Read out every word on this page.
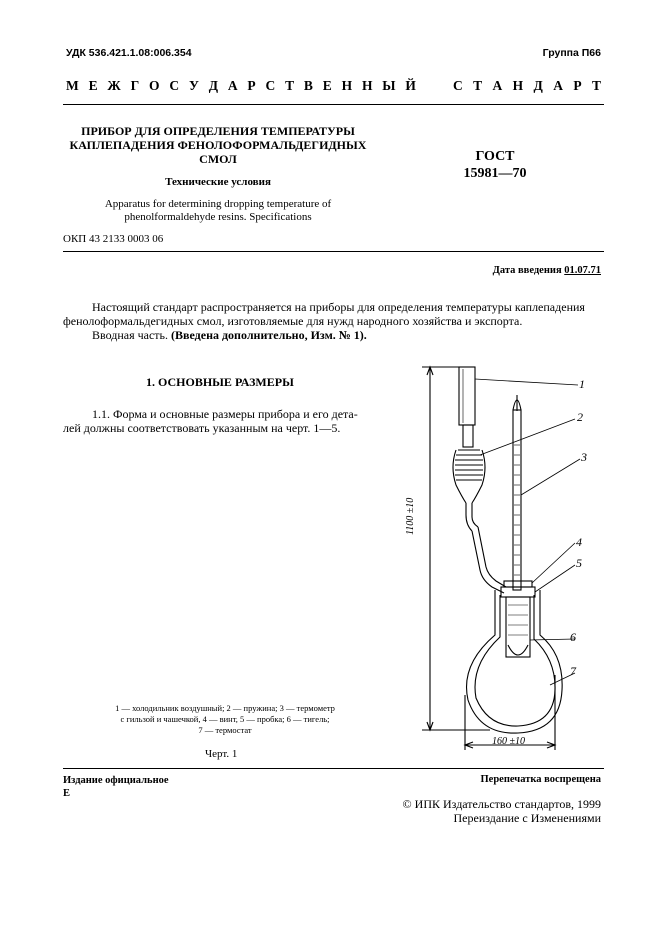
УДК 536.421.1.08:006.354	Группа П66
М Е Ж Г О С У Д А Р С Т В Е Н Н Ы Й	С Т А Н Д А Р Т
ПРИБОР ДЛЯ ОПРЕДЕЛЕНИЯ ТЕМПЕРАТУРЫ
КАПЛЕПАДЕНИЯ ФЕНОЛОФОРМАЛЬДЕГИДНЫХ
СМОЛ
Технические условия
Apparatus for determining dropping temperature of
phenolformaldehyde resins. Specifications
ГОСТ
15981—70
ОКП 43 2133 0003 06
Дата введения 01.07.71
Настоящий стандарт распространяется на приборы для определения температуры каплепадения
фенолоформальдегидных смол, изготовляемые для нужд народного хозяйства и экспорта.
Вводная часть. (Введена дополнительно, Изм. № 1).
1. ОСНОВНЫЕ РАЗМЕРЫ
1.1. Форма и основные размеры прибора и его дета-
лей должны соответствовать указанным на черт. 1—5.
1 — холодильник воздушный; 2 — пружина; 3 — термометр
с гильзой и чашечкой, 4 — винт, 5 — пробка; 6 — тигель;
7 — термостат
Черт. 1
1
2
3
4
5
6
7
1100 ±10
160 ±10
Издание официальное
Е
Перепечатка воспрещена
© ИПК Издательство стандартов, 1999
Переиздание с Изменениями
